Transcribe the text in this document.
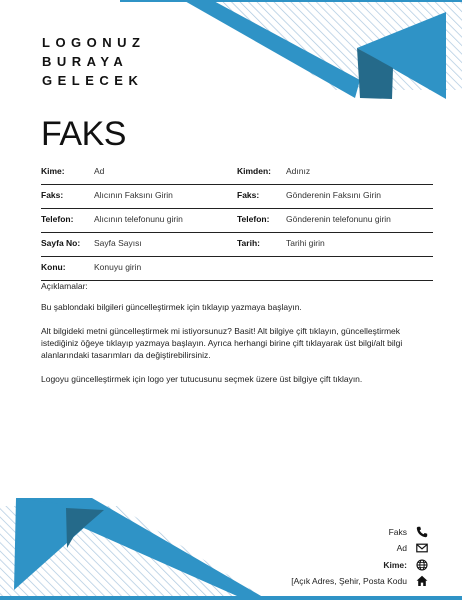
LOGONUZ
BURAYA
GELECEK
FAKS
Kime:	Ad	Kimden: Adınız
Faks:	Alıcının Faksını Girin	Faks:	Gönderenin Faksını Girin
Telefon: Alıcının telefonunu girin	Telefon: Gönderenin telefonunu girin
Sayfa No: Sayfa Sayısı	Tarih:	Tarihi girin
Konu:	Konuyu girin

Açıklamalar:

Bu şablondaki bilgileri güncelleştirmek için tıklayıp yazmaya başlayın.

Alt bilgideki metni güncelleştirmek mi istiyorsunuz? Basit! Alt bilgiye çift tıklayın, güncelleştirmek istediğiniz öğeye tıklayıp yazmaya başlayın. Ayrıca herhangi birine çift tıklayarak üst bilgi/alt bilgi alanlarındaki tasarımları da değiştirebilirsiniz.

Logoyu güncelleştirmek için logo yer tutucusunu seçmek üzere üst bilgiye çift tıklayın.

Faks
Ad
Kime:
[Açık Adres, Şehir, Posta Kodu
